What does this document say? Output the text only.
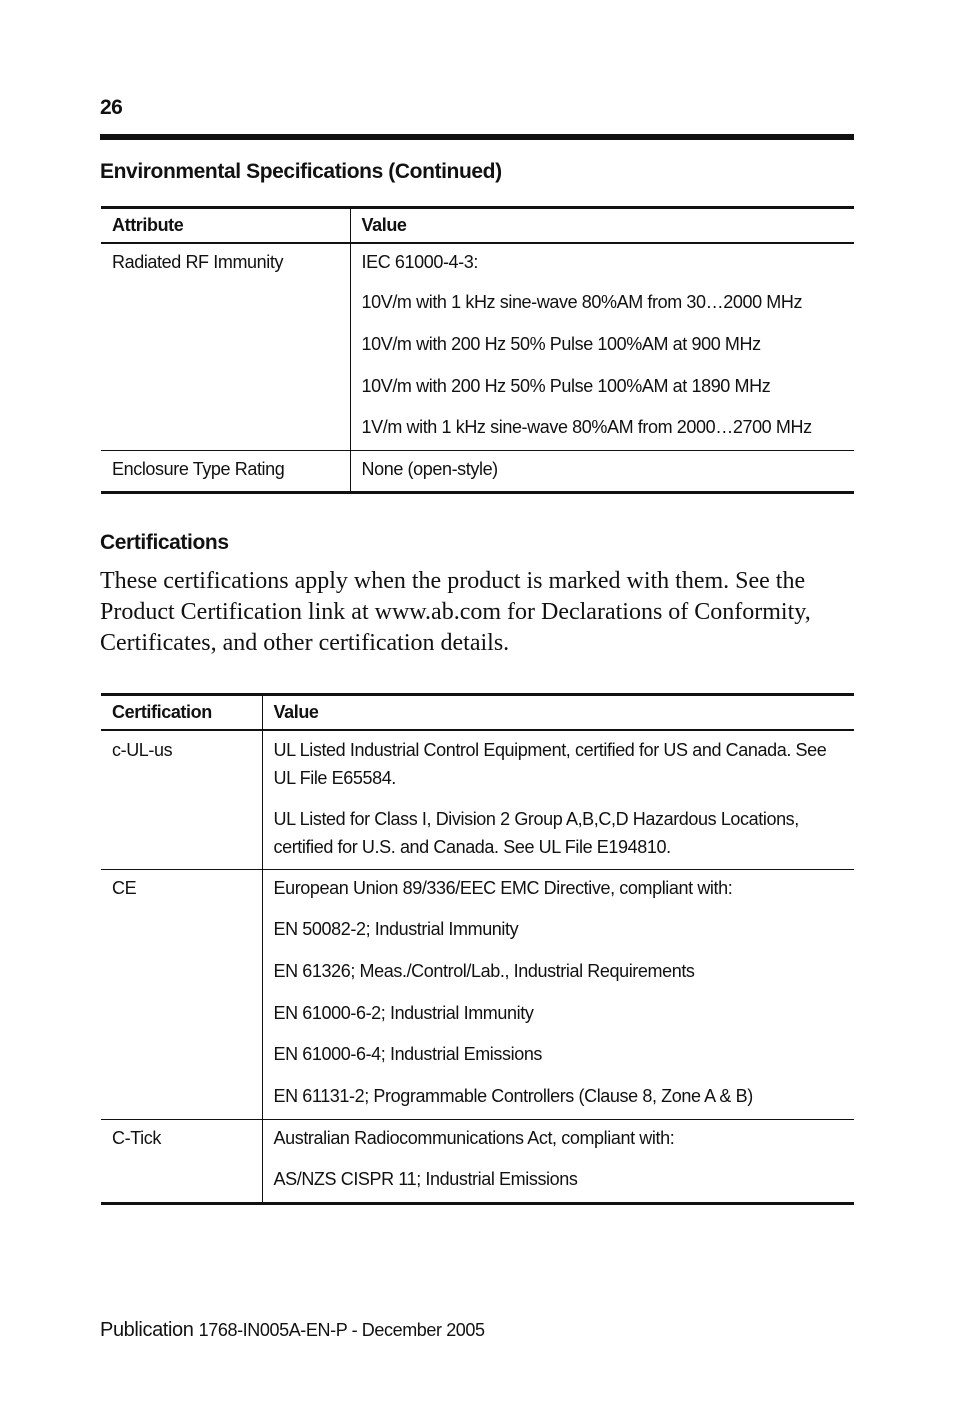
26
Environmental Specifications (Continued)
Attribute	Value
Radiated RF Immunity	IEC 61000-4-3:
	10V/m with 1 kHz sine-wave 80%AM from 30…2000 MHz
	10V/m with 200 Hz 50% Pulse 100%AM at 900 MHz
	10V/m with 200 Hz 50% Pulse 100%AM at 1890 MHz
	1V/m with 1 kHz sine-wave 80%AM from 2000…2700 MHz
Enclosure Type Rating	None (open-style)
Certifications
These certifications apply when the product is marked with them. See the Product Certification link at www.ab.com for Declarations of Conformity, Certificates, and other certification details.
Certification	Value
c-UL-us	UL Listed Industrial Control Equipment, certified for US and Canada. See UL File E65584.
	UL Listed for Class I, Division 2 Group A,B,C,D Hazardous Locations, certified for U.S. and Canada. See UL File E194810.
CE	European Union 89/336/EEC EMC Directive, compliant with:
	EN 50082-2; Industrial Immunity
	EN 61326; Meas./Control/Lab., Industrial Requirements
	EN 61000-6-2; Industrial Immunity
	EN 61000-6-4; Industrial Emissions
	EN 61131-2; Programmable Controllers (Clause 8, Zone A & B)
C-Tick	Australian Radiocommunications Act, compliant with:
	AS/NZS CISPR 11; Industrial Emissions
Publication 1768-IN005A-EN-P - December 2005
